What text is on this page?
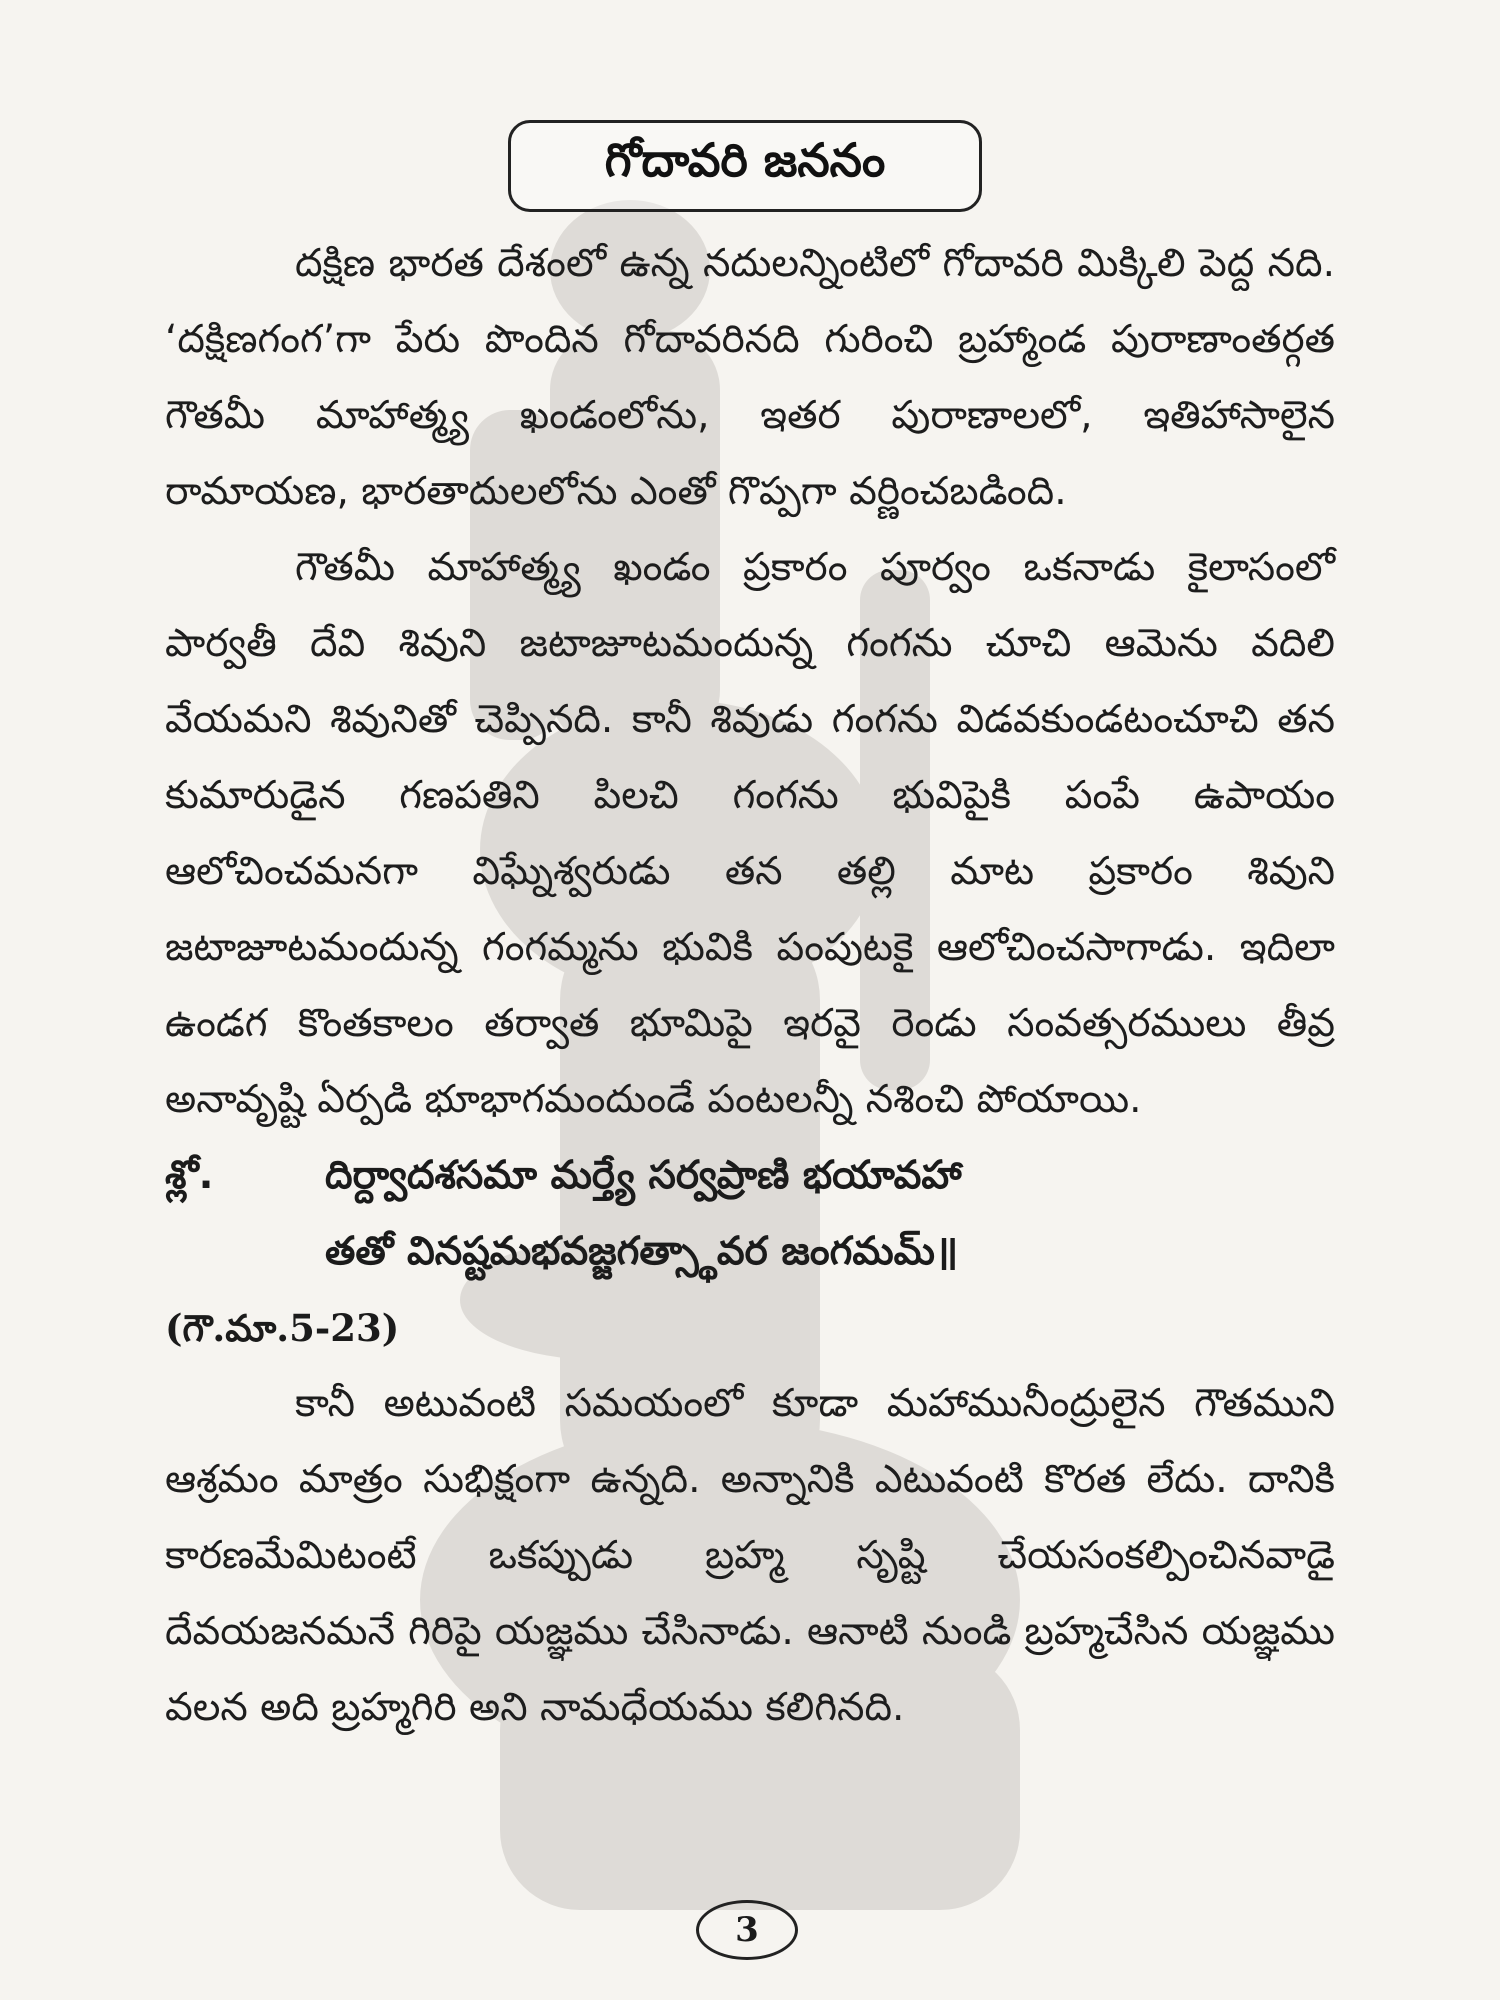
గోదావరి జననం

దక్షిణ భారత దేశంలో ఉన్న నదులన్నింటిలో గోదావరి మిక్కిలి పెద్ద నది. ‘దక్షిణగంగ’గా పేరు పొందిన గోదావరినది గురించి బ్రహ్మాండ పురాణాంతర్గత గౌతమీ మాహాత్మ్య ఖండంలోను, ఇతర పురాణాలలో, ఇతిహాసాలైన రామాయణ, భారతాదులలోను ఎంతో గొప్పగా వర్ణించబడింది.

గౌతమీ మాహాత్మ్య ఖండం ప్రకారం పూర్వం ఒకనాడు కైలాసంలో పార్వతీ దేవి శివుని జటాజూటమందున్న గంగను చూచి ఆమెను వదిలి వేయమని శివునితో చెప్పినది. కానీ శివుడు గంగను విడవకుండటంచూచి తన కుమారుడైన గణపతిని పిలచి గంగను భువిపైకి పంపే ఉపాయం ఆలోచించమనగా విఘ్నేశ్వరుడు తన తల్లి మాట ప్రకారం శివుని జటాజూటమందున్న గంగమ్మను భువికి పంపుటకై ఆలోచించసాగాడు. ఇదిలా ఉండగ కొంతకాలం తర్వాత భూమిపై ఇరవై రెండు సంవత్సరములు తీవ్ర అనావృష్టి ఏర్పడి భూభాగమందుండే పంటలన్నీ నశించి పోయాయి.

శ్లో.	దిర్ద్వాదశసమా మర్త్యే సర్వప్రాణి భయావహా
తతో వినష్టమభవజ్జగత్స్థావర జంగమమ్॥

(గౌ.మా.5-23)

కానీ అటువంటి సమయంలో కూడా మహామునీంద్రులైన గౌతముని ఆశ్రమం మాత్రం సుభిక్షంగా ఉన్నది. అన్నానికి ఎటువంటి కొరత లేదు. దానికి కారణమేమిటంటే ఒకప్పుడు బ్రహ్మ సృష్టి చేయసంకల్పించినవాడై దేవయజనమనే గిరిపై యజ్ఞము చేసినాడు. ఆనాటి నుండి బ్రహ్మచేసిన యజ్ఞము వలన అది బ్రహ్మగిరి అని నామధేయము కలిగినది.

3
